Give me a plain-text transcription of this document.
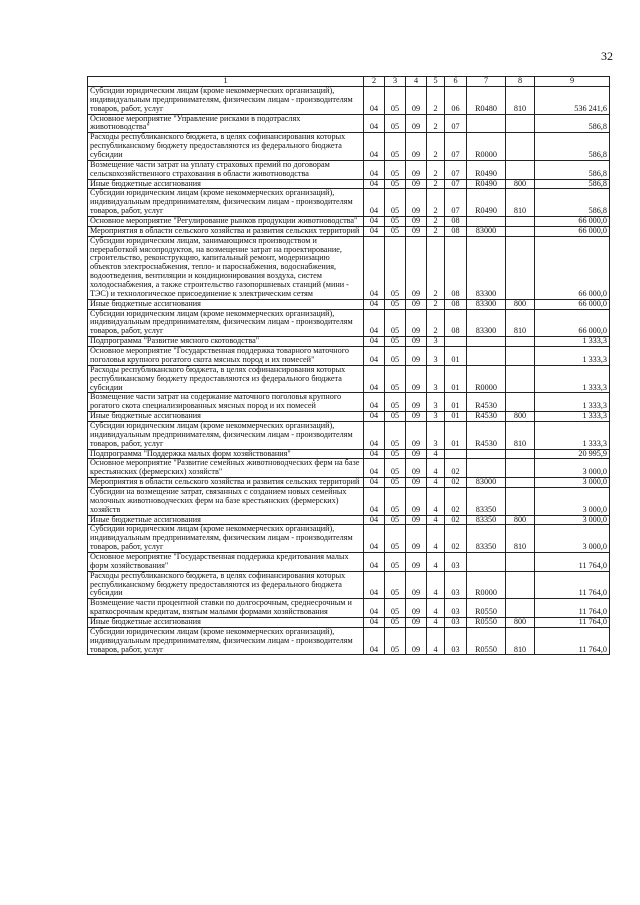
32
1	2	3	4	5	6	7	8	9
Субсидии юридическим лицам (кроме некоммерческих организаций), индивидуальным предпринимателям, физическим лицам - производителям товаров, работ, услуг	04	05	09	2	06	R0480	810	536 241,6
Основное мероприятие "Управление рисками в подотраслях животноводства"	04	05	09	2	07			586,8
Расходы республиканского бюджета, в целях софинансирования которых республиканскому бюджету предоставляются из федерального бюджета субсидии	04	05	09	2	07	R0000		586,8
Возмещение части затрат на уплату страховых премий по договорам сельскохозяйственного страхования в области животноводства	04	05	09	2	07	R0490		586,8
Иные бюджетные ассигнования	04	05	09	2	07	R0490	800	586,8
Субсидии юридическим лицам (кроме некоммерческих организаций), индивидуальным предпринимателям, физическим лицам - производителям товаров, работ, услуг	04	05	09	2	07	R0490	810	586,8
Основное мероприятие "Регулирование рынков продукции животноводства"	04	05	09	2	08			66 000,0
Мероприятия в области сельского хозяйства и развития сельских территорий	04	05	09	2	08	83000		66 000,0
Субсидии юридическим лицам, занимающимся производством и переработкой мясопродуктов, на возмещение затрат на проектирование, строительство, реконструкцию, капитальный ремонт, модернизацию объектов электроснабжения, тепло- и пароснабжения, водоснабжения, водоотведения, вентиляции и кондиционирования воздуха, систем холодоснабжения, а также строительство газопоршневых станций (мини - ТЭС) и технологическое присоединение к электрическим сетям	04	05	09	2	08	83300		66 000,0
Иные бюджетные ассигнования	04	05	09	2	08	83300	800	66 000,0
Субсидии юридическим лицам (кроме некоммерческих организаций), индивидуальным предпринимателям, физическим лицам - производителям товаров, работ, услуг	04	05	09	2	08	83300	810	66 000,0
Подпрограмма "Развитие мясного скотоводства"	04	05	09	3				1 333,3
Основное мероприятие "Государственная поддержка товарного маточного поголовья крупного рогатого скота мясных пород и их помесей"	04	05	09	3	01			1 333,3
Расходы республиканского бюджета, в целях софинансирования которых республиканскому бюджету предоставляются из федерального бюджета субсидии	04	05	09	3	01	R0000		1 333,3
Возмещение части затрат на содержание маточного поголовья крупного рогатого скота специализированных мясных пород и их помесей	04	05	09	3	01	R4530		1 333,3
Иные бюджетные ассигнования	04	05	09	3	01	R4530	800	1 333,3
Субсидии юридическим лицам (кроме некоммерческих организаций), индивидуальным предпринимателям, физическим лицам - производителям товаров, работ, услуг	04	05	09	3	01	R4530	810	1 333,3
Подпрограмма "Поддержка малых форм хозяйствования"	04	05	09	4				20 995,9
Основное мероприятие "Развитие семейных животноводческих ферм на базе крестьянских (фермерских) хозяйств"	04	05	09	4	02			3 000,0
Мероприятия в области сельского хозяйства и развития сельских территорий	04	05	09	4	02	83000		3 000,0
Субсидии на возмещение затрат, связанных с созданием новых семейных молочных животноводческих ферм на базе крестьянских (фермерских) хозяйств	04	05	09	4	02	83350		3 000,0
Иные бюджетные ассигнования	04	05	09	4	02	83350	800	3 000,0
Субсидии юридическим лицам (кроме некоммерческих организаций), индивидуальным предпринимателям, физическим лицам - производителям товаров, работ, услуг	04	05	09	4	02	83350	810	3 000,0
Основное мероприятие "Государственная поддержка кредитования малых форм хозяйствования"	04	05	09	4	03			11 764,0
Расходы республиканского бюджета, в целях софинансирования которых республиканскому бюджету предоставляются из федерального бюджета субсидии	04	05	09	4	03	R0000		11 764,0
Возмещение части процентной ставки по долгосрочным, среднесрочным и краткосрочным кредитам, взятым малыми формами хозяйствования	04	05	09	4	03	R0550		11 764,0
Иные бюджетные ассигнования	04	05	09	4	03	R0550	800	11 764,0
Субсидии юридическим лицам (кроме некоммерческих организаций), индивидуальным предпринимателям, физическим лицам - производителям товаров, работ, услуг	04	05	09	4	03	R0550	810	11 764,0
